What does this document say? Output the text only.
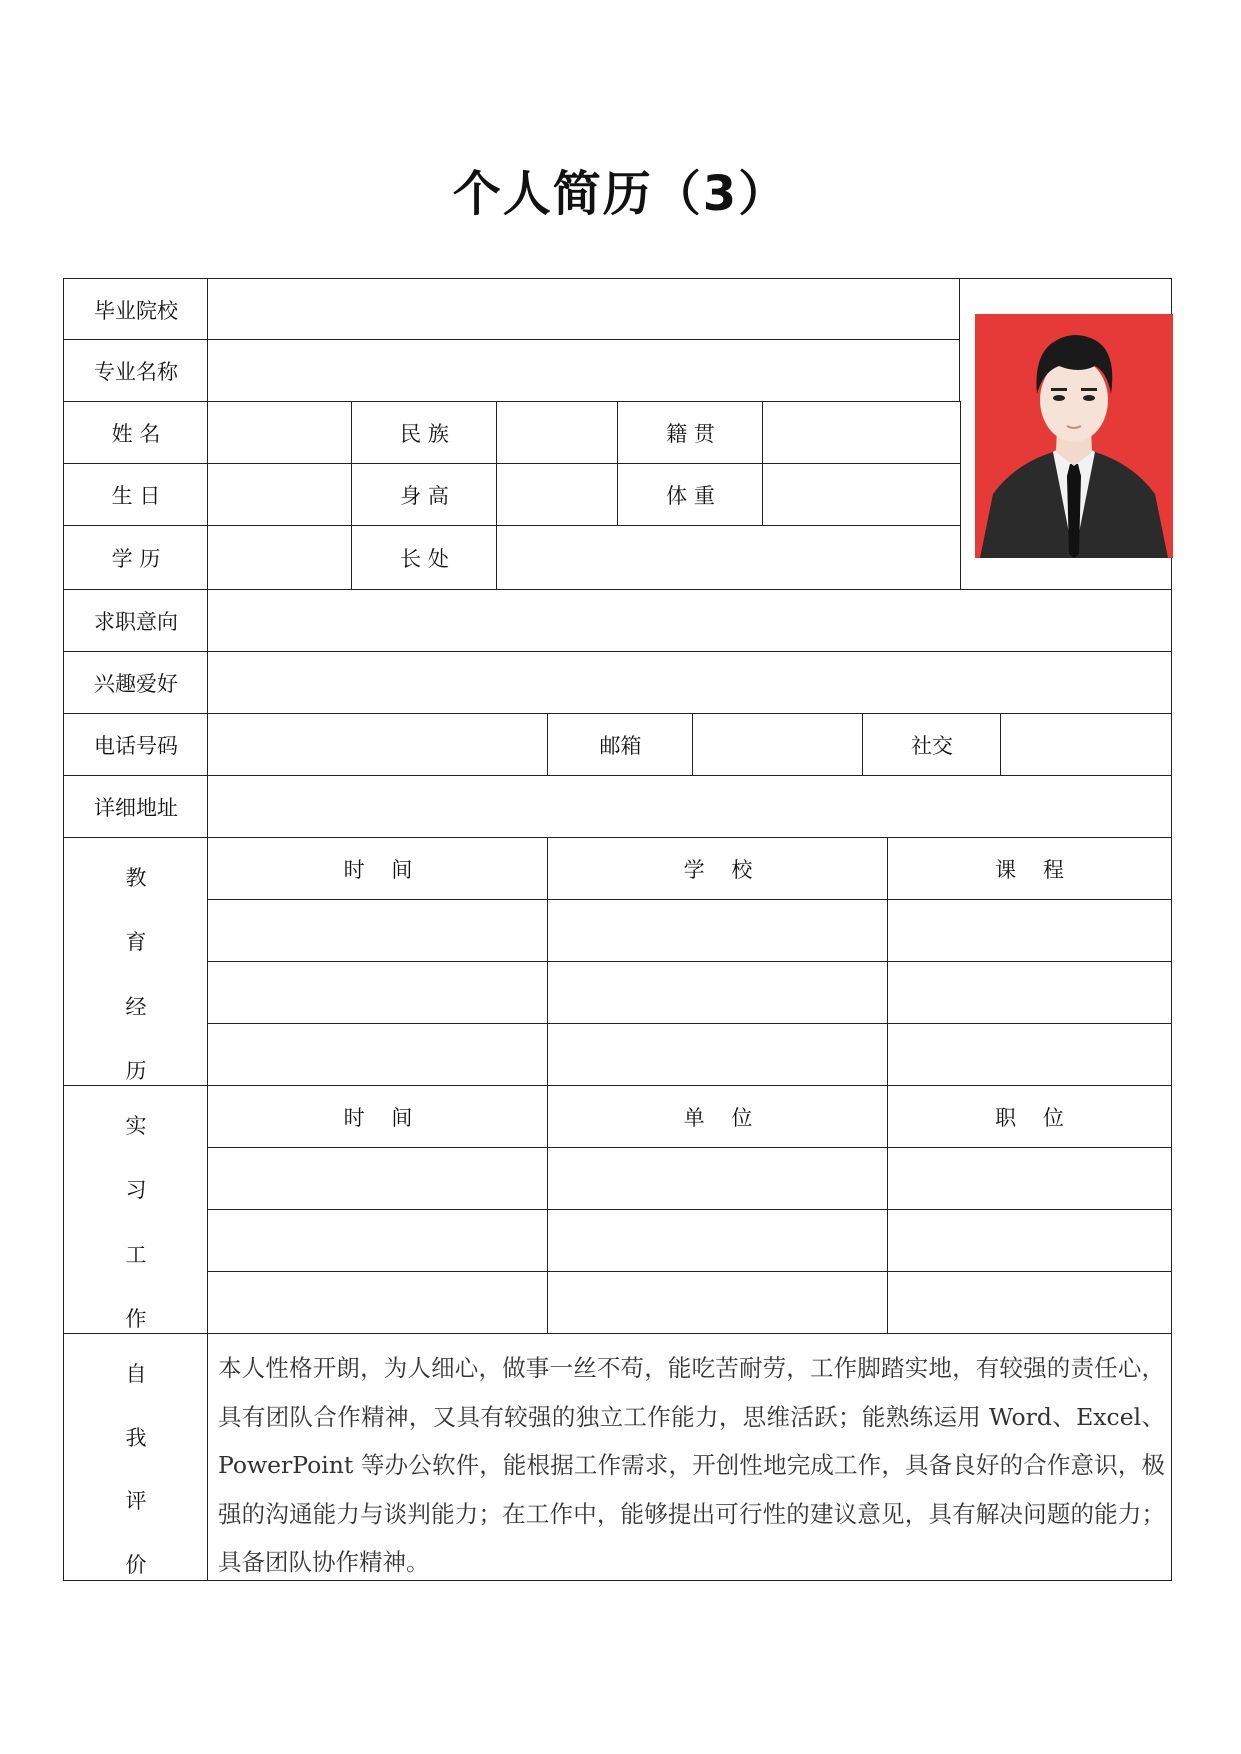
个人简历（3）
毕业院校
专业名称
姓 名	民 族	籍 贯
生 日	身 高	体 重
学 历	长 处
求职意向
兴趣爱好
电话号码	邮箱	社交
详细地址
教
育
经
历
时    间	学    校	课    程
实
习
工
作
时    间	单    位	职    位
自
我
评
价
本人性格开朗，为人细心，做事一丝不苟，能吃苦耐劳，工作脚踏实地，有较强的责任心，具有团队合作精神，又具有较强的独立工作能力，思维活跃；能熟练运用 Word、Excel、PowerPoint 等办公软件，能根据工作需求，开创性地完成工作，具备良好的合作意识，极强的沟通能力与谈判能力；在工作中，能够提出可行性的建议意见，具有解决问题的能力；具备团队协作精神。
